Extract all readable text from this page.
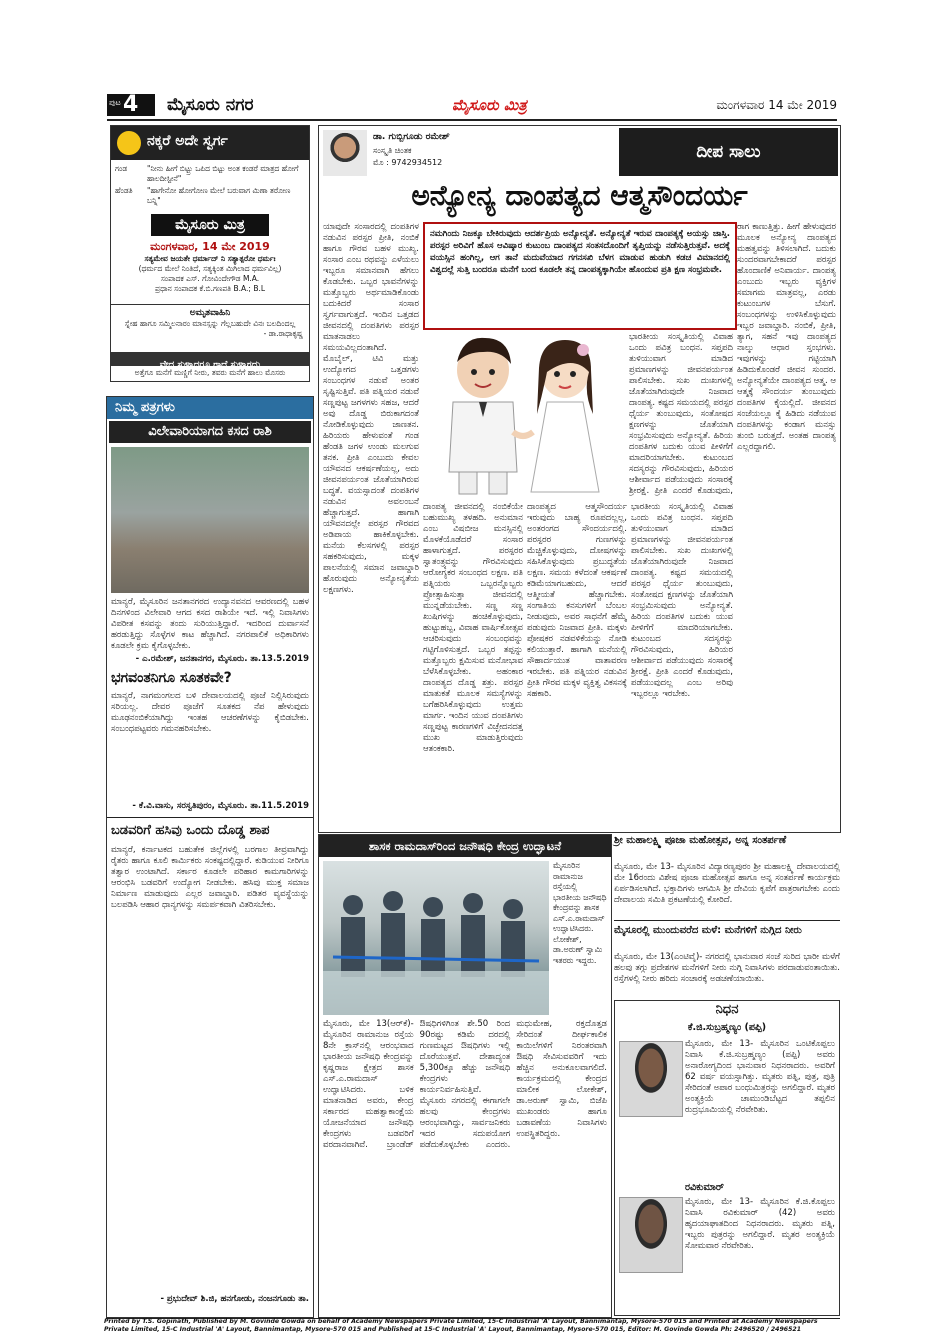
ಪುಟ 4 ಮೈಸೂರು ನಗರ	ಮೈಸೂರು ಮಿತ್ರ	ಮಂಗಳವಾರ 14 ಮೇ 2019
ನಕ್ಕರೆ ಅದೇ ಸ್ವರ್ಗ
ಗಂಡ	"ನೀನು ಹೀಗೆ ಬಿಟ್ಟ್ರು ಒಪಿದ ಬಿಟ್ಟು ಅಂತ ಕಂಡರೆ ಮಾತ್ರದ ಹೋಗೆ ಹಾಲದೀಸ್ಟೀನೆ"
ಹೆಂಡತಿ	"ಹಾಗೇನೋ ಹೋಗೋಣ ಮೇಲೆ ಬರುವಾಗ ಮಿಣಾ ತರೋಣ ಬನ್ನಿ"
ಮೈಸೂರು ಮಿತ್ರ
ಮಂಗಳವಾರ, 14 ಮೇ 2019
ಸತ್ಯಮೇವ ಜಯತೇ ಧರ್ಮಾದ್ ನಿ ಸತ್ಯಾತ್ಪರೋ ಧರ್ಮಃ
(ಧರ್ಮದ ಮೇಲೆ ನಿಂತಿದೆ, ಸತ್ಯಕ್ಕಿಂತ ಮಿಗಿಲಾದ ಧರ್ಮವಿಲ್ಲ)
ಸಂಪಾದಕ ಎಸ್. ಗೋವಿಂದೇಗೌಡ M.A.
ಪ್ರಧಾನ ಸಂಪಾದಕ ಕೆ.ಬಿ.ಗಣಪತಿ B.A.; B.L
ಅಮೃತವಾಹಿನಿ
ಸ್ನೇಹ ಹಾಗೂ ಸಮ್ಮಿಲನಾರಂ ಮಾನಸ್ಸನ್ನು ಗೆಲ್ಲಬಹುದೇ ವಿನಃ ಬಲದಿಂದಲ್ಲ
- ಡಾ.ರಾಧಾಕೃಷ್ಣ
ವೇದ ಸುಳ್ಳಾದರೂ ಗಾದೆ ಸುಳ್ಳಾಗದು
ಅತ್ತೆಗೂ ಮನೆಗೆ ಮಣ್ಣಿಗೆ ನೀರು, ತವರು ಮನೆಗೆ ಹಾಲು ಮೊಸರು
ನಿಮ್ಮ ಪತ್ರಗಳು
ವಿಲೇವಾರಿಯಾಗದ ಕಸದ ರಾಶಿ
ಮಾನ್ಯರೆ, ಮೈಸೂರಿನ ಜನತಾನಗರದ ಉದ್ಯಾನವನದ ಆವರಣದಲ್ಲಿ ಬಹಳ ದಿನಗಳಿಂದ ವಿಲೇವಾರಿ ಆಗದ ಕಸದ ರಾಶಿಯೇ ಇದೆ. ಇಲ್ಲಿ ನಿವಾಸಿಗಳು ವಿಪರೀತ ಕಸವನ್ನು ತಂದು ಸುರಿಯುತ್ತಿದ್ದಾರೆ. ಇದರಿಂದ ದುರ್ವಾಸನೆ ಹರಡುತ್ತಿದ್ದು ಸೊಳ್ಳೆಗಳ ಕಾಟ ಹೆಚ್ಚಾಗಿದೆ. ನಗರಪಾಲಿಕೆ ಅಧಿಕಾರಿಗಳು ಕೂಡಲೇ ಕ್ರಮ ಕೈಗೊಳ್ಳಬೇಕು.
- ಎ.ರಮೇಶ್, ಜನತಾನಗರ, ಮೈಸೂರು. ತಾ.13.5.2019
ಭಗವಂತನಿಗೂ ಸೂತಕವೇ?
ಮಾನ್ಯರೆ, ನಾಗಮಂಗಲದ ಬಳಿ ದೇವಾಲಯದಲ್ಲಿ ಪೂಜೆ ನಿಲ್ಲಿಸಿರುವುದು ಸರಿಯಲ್ಲ. ದೇವರ ಪೂಜೆಗೆ ಸೂತಕದ ನೆಪ ಹೇಳುವುದು ಮೂಢನಂಬಿಕೆಯಾಗಿದ್ದು ಇಂತಹ ಆಚರಣೆಗಳನ್ನು ಕೈಬಿಡಬೇಕು. ಸಂಬಂಧಪಟ್ಟವರು ಗಮನಹರಿಸಬೇಕು.
- ಕೆ.ವಿ.ವಾಸು, ಸರಸ್ವತಿಪುರಂ, ಮೈಸೂರು. ತಾ.11.5.2019
ಬಡವರಿಗೆ ಹಸಿವು ಒಂದು ದೊಡ್ಡ ಶಾಪ
ಮಾನ್ಯರೆ, ಕರ್ನಾಟಕದ ಬಹುತೇಕ ಜಿಲ್ಲೆಗಳಲ್ಲಿ ಬರಗಾಲ ತೀವ್ರವಾಗಿದ್ದು ರೈತರು ಹಾಗೂ ಕೂಲಿ ಕಾರ್ಮಿಕರು ಸಂಕಷ್ಟದಲ್ಲಿದ್ದಾರೆ. ಕುಡಿಯುವ ನೀರಿಗೂ ತತ್ವಾರ ಉಂಟಾಗಿದೆ. ಸರ್ಕಾರ ಕೂಡಲೇ ಪರಿಹಾರ ಕಾಮಗಾರಿಗಳನ್ನು ಆರಂಭಿಸಿ ಬಡವರಿಗೆ ಉದ್ಯೋಗ ನೀಡಬೇಕು. ಹಸಿವು ಮುಕ್ತ ಸಮಾಜ ನಿರ್ಮಾಣ ಮಾಡುವುದು ಎಲ್ಲರ ಜವಾಬ್ದಾರಿ. ಪಡಿತರ ವ್ಯವಸ್ಥೆಯನ್ನು ಬಲಪಡಿಸಿ ಆಹಾರ ಧಾನ್ಯಗಳನ್ನು ಸಮರ್ಪಕವಾಗಿ ವಿತರಿಸಬೇಕು.
- ಪ್ರಭುದೇವ್ ಶಿ.ಜಿ, ಹನಗೋಡು, ನಂಜನಗೂಡು ತಾ.
ಡಾ. ಗುಬ್ಬಿಗೂಡು ರಮೇಶ್
ಸಂಸ್ಕೃತಿ ಚಿಂತಕ
ಮೊ : 9742934512
ದೀಪ ಸಾಲು
ಅನ್ಯೋನ್ಯ ದಾಂಪತ್ಯದ ಆತ್ಮಸೌಂದರ್ಯ
ಯಾವುದೇ ಸಂಸಾರದಲ್ಲಿ ದಂಪತಿಗಳ ನಡುವಿನ ಪರಸ್ಪರ ಪ್ರೀತಿ, ನಂಬಿಕೆ ಹಾಗೂ ಗೌರವ ಬಹಳ ಮುಖ್ಯ. ಸಂಸಾರ ಎಂಬ ರಥವನ್ನು ಎಳೆಯಲು ಇಬ್ಬರೂ ಸಮಾನವಾಗಿ ಹೆಗಲು ಕೊಡಬೇಕು. ಒಬ್ಬರ ಭಾವನೆಗಳನ್ನು ಮತ್ತೊಬ್ಬರು ಅರ್ಥಮಾಡಿಕೊಂಡು ಬದುಕಿದರೆ ಸಂಸಾರ ಸ್ವರ್ಗವಾಗುತ್ತದೆ. ಇಂದಿನ ಒತ್ತಡದ ಜೀವನದಲ್ಲಿ ದಂಪತಿಗಳು ಪರಸ್ಪರ ಮಾತನಾಡಲು ಸಮಯವಿಲ್ಲದಂತಾಗಿದೆ. ಮೊಬೈಲ್, ಟಿವಿ ಮತ್ತು ಉದ್ಯೋಗದ ಒತ್ತಡಗಳು ಸಂಬಂಧಗಳ ನಡುವೆ ಅಂತರ ಸೃಷ್ಟಿಸುತ್ತಿವೆ. ಪತಿ ಪತ್ನಿಯರ ನಡುವೆ ಸಣ್ಣಪುಟ್ಟ ಜಗಳಗಳು ಸಹಜ, ಆದರೆ ಅವು ದೊಡ್ಡ ಬಿರುಕಾಗದಂತೆ ನೋಡಿಕೊಳ್ಳುವುದು ಜಾಣತನ. ಹಿರಿಯರು ಹೇಳುವಂತೆ ಗಂಡ ಹೆಂಡತಿ ಜಗಳ ಉಂಡು ಮಲಗುವ ತನಕ. ಪ್ರೀತಿ ಎಂಬುದು ಕೇವಲ ಯೌವನದ ಆಕರ್ಷಣೆಯಲ್ಲ, ಅದು ಜೀವನಪರ್ಯಂತ ಜೊತೆಯಾಗಿರುವ ಬದ್ಧತೆ. ವಯಸ್ಸಾದಂತೆ ದಂಪತಿಗಳ ನಡುವಿನ ಅವಲಂಬನೆ ಹೆಚ್ಚಾಗುತ್ತದೆ. ಹಾಗಾಗಿ ಯೌವನದಲ್ಲೇ ಪರಸ್ಪರ ಗೌರವದ ಅಡಿಪಾಯ ಹಾಕಿಕೊಳ್ಳಬೇಕು. ಮನೆಯ ಕೆಲಸಗಳಲ್ಲಿ ಪರಸ್ಪರ ಸಹಕರಿಸುವುದು, ಮಕ್ಕಳ ಪಾಲನೆಯಲ್ಲಿ ಸಮಾನ ಜವಾಬ್ದಾರಿ ಹೊರುವುದು ಅನ್ಯೋನ್ಯತೆಯ ಲಕ್ಷಣಗಳು.
ನಮಗಿಂದು ನಿಜಕ್ಕೂ ಬೇಕಿರುವುದು ಆದರ್ಶಪ್ರಿಯ ಅನ್ಯೋನ್ಯತೆ. ಅನ್ಯೋನ್ಯತೆ ಇರುವ ದಾಂಪತ್ಯಕ್ಕೆ ಅಯಸ್ಸು ಜಾಸ್ತಿ. ಪರಸ್ಪರ ಅರಿವಿಗೆ ಹೊಸ ಆವಿಷ್ಕಾರ ಕುಟುಂಬ ದಾಂಪತ್ಯದ ಸಂತಸದೊಂದಿಗೆ ತೃಪ್ತಿಯನ್ನು ನಡೆಸುತ್ತಿರುತ್ತವೆ. ಅದಕ್ಕೆ ವಯಸ್ಸಿನ ಹಂಗಿಲ್ಲ, ಆಗ ತಾನೆ ಮದುವೆಯಾದ ಗಗನಸಖಿ ಬೆಳಗ ಮಾಡುವ ಹುಡುಗಿ ಕಡಚ ವಿಮಾನದಲ್ಲಿ ವಿಶ್ವದಲ್ಲೆ ಸುತ್ತಿ ಬಂದರೂ ಮನೆಗೆ ಬಂದ ಕೂಡಲೇ ತನ್ನ ದಾಂಪತ್ಯಕ್ಕಾಗಿಯೇ ಹೊಂದುವ ಪ್ರತಿ ಕ್ಷಣ ಸಂಭ್ರಮವೇ.
ಭಾರತೀಯ ಸಂಸ್ಕೃತಿಯಲ್ಲಿ ವಿವಾಹ ಒಂದು ಪವಿತ್ರ ಬಂಧನ. ಸಪ್ತಪದಿ ತುಳಿಯುವಾಗ ಮಾಡಿದ ಪ್ರಮಾಣಗಳನ್ನು ಜೀವನಪರ್ಯಂತ ಪಾಲಿಸಬೇಕು. ಸುಖ ದುಃಖಗಳಲ್ಲಿ ಜೊತೆಯಾಗಿರುವುದೇ ನಿಜವಾದ ದಾಂಪತ್ಯ. ಕಷ್ಟದ ಸಮಯದಲ್ಲಿ ಪರಸ್ಪರ ಧೈರ್ಯ ತುಂಬುವುದು, ಸಂತೋಷದ ಕ್ಷಣಗಳನ್ನು ಜೊತೆಯಾಗಿ ಸಂಭ್ರಮಿಸುವುದು ಅನ್ಯೋನ್ಯತೆ. ಹಿರಿಯ ದಂಪತಿಗಳ ಬದುಕು ಯುವ ಪೀಳಿಗೆಗೆ ಮಾದರಿಯಾಗಬೇಕು. ಕುಟುಂಬದ ಸದಸ್ಯರನ್ನು ಗೌರವಿಸುವುದು, ಹಿರಿಯರ ಆಶೀರ್ವಾದ ಪಡೆಯುವುದು ಸಂಸಾರಕ್ಕೆ ಶ್ರೀರಕ್ಷೆ. ಪ್ರೀತಿ ಎಂದರೆ ಕೊಡುವುದು,
ದಾಂಪತ್ಯ ಜೀವನದಲ್ಲಿ ನಂಬಿಕೆಯೇ ಬಹುಮುಖ್ಯ ತಳಹದಿ. ಅನುಮಾನ ಎಂಬ ವಿಷಬೀಜ ಮನಸ್ಸಿನಲ್ಲಿ ಮೊಳಕೆಯೊಡೆದರೆ ಸಂಸಾರ ಹಾಳಾಗುತ್ತದೆ. ಪರಸ್ಪರರ ಸ್ವಾತಂತ್ರ್ಯವನ್ನು ಗೌರವಿಸುವುದು ಆರೋಗ್ಯಕರ ಸಂಬಂಧದ ಲಕ್ಷಣ. ಪತಿ ಪತ್ನಿಯರು ಒಬ್ಬರನ್ನೊಬ್ಬರು ಪ್ರೋತ್ಸಾಹಿಸುತ್ತಾ ಜೀವನದಲ್ಲಿ ಮುನ್ನಡೆಯಬೇಕು. ಸಣ್ಣ ಸಣ್ಣ ಖುಷಿಗಳನ್ನು ಹಂಚಿಕೊಳ್ಳುವುದು, ಹುಟ್ಟುಹಬ್ಬ, ವಿವಾಹ ವಾರ್ಷಿಕೋತ್ಸವ ಆಚರಿಸುವುದು ಸಂಬಂಧವನ್ನು ಗಟ್ಟಿಗೊಳಿಸುತ್ತದೆ. ಒಬ್ಬರ ತಪ್ಪನ್ನು ಮತ್ತೊಬ್ಬರು ಕ್ಷಮಿಸುವ ಮನೋಭಾವ ಬೆಳೆಸಿಕೊಳ್ಳಬೇಕು. ಅಹಂಕಾರ ದಾಂಪತ್ಯದ ದೊಡ್ಡ ಶತ್ರು. ಪರಸ್ಪರ ಮಾತುಕತೆ ಮೂಲಕ ಸಮಸ್ಯೆಗಳನ್ನು ಬಗೆಹರಿಸಿಕೊಳ್ಳುವುದು ಉತ್ತಮ ಮಾರ್ಗ. ಇಂದಿನ ಯುವ ದಂಪತಿಗಳು ಸಣ್ಣಪುಟ್ಟ ಕಾರಣಗಳಿಗೆ ವಿಚ್ಛೇದನದತ್ತ ಮುಖ ಮಾಡುತ್ತಿರುವುದು ಆತಂಕಕಾರಿ.
ದಾಂಪತ್ಯದ ಆತ್ಮಸೌಂದರ್ಯ ಇರುವುದು ಬಾಹ್ಯ ರೂಪದಲ್ಲಲ್ಲ, ಅಂತರಂಗದ ಸೌಂದರ್ಯದಲ್ಲಿ. ಪರಸ್ಪರರ ಗುಣಗಳನ್ನು ಮೆಚ್ಚಿಕೊಳ್ಳುವುದು, ದೋಷಗಳನ್ನು ಸಹಿಸಿಕೊಳ್ಳುವುದು ಪ್ರಬುದ್ಧತೆಯ ಲಕ್ಷಣ. ಸಮಯ ಕಳೆದಂತೆ ಆಕರ್ಷಣೆ ಕಡಿಮೆಯಾಗಬಹುದು, ಆದರೆ ಆತ್ಮೀಯತೆ ಹೆಚ್ಚಾಗಬೇಕು. ಸಂಗಾತಿಯ ಕನಸುಗಳಿಗೆ ಬೆಂಬಲ ನೀಡುವುದು, ಅವರ ಸಾಧನೆಗೆ ಹೆಮ್ಮೆ ಪಡುವುದು ನಿಜವಾದ ಪ್ರೀತಿ. ಮಕ್ಕಳು ಪೋಷಕರ ನಡವಳಿಕೆಯನ್ನು ನೋಡಿ ಕಲಿಯುತ್ತಾರೆ. ಹಾಗಾಗಿ ಮನೆಯಲ್ಲಿ ಸೌಹಾರ್ದಯುತ ವಾತಾವರಣ ಇರಬೇಕು. ಪತಿ ಪತ್ನಿಯರ ನಡುವಿನ ಪ್ರೀತಿ ಗೌರವ ಮಕ್ಕಳ ವ್ಯಕ್ತಿತ್ವ ವಿಕಸನಕ್ಕೆ ಸಹಕಾರಿ.
ಭಾರತೀಯ ಸಂಸ್ಕೃತಿಯಲ್ಲಿ ವಿವಾಹ ಒಂದು ಪವಿತ್ರ ಬಂಧನ. ಸಪ್ತಪದಿ ತುಳಿಯುವಾಗ ಮಾಡಿದ ಪ್ರಮಾಣಗಳನ್ನು ಜೀವನಪರ್ಯಂತ ಪಾಲಿಸಬೇಕು. ಸುಖ ದುಃಖಗಳಲ್ಲಿ ಜೊತೆಯಾಗಿರುವುದೇ ನಿಜವಾದ ದಾಂಪತ್ಯ. ಕಷ್ಟದ ಸಮಯದಲ್ಲಿ ಪರಸ್ಪರ ಧೈರ್ಯ ತುಂಬುವುದು, ಸಂತೋಷದ ಕ್ಷಣಗಳನ್ನು ಜೊತೆಯಾಗಿ ಸಂಭ್ರಮಿಸುವುದು ಅನ್ಯೋನ್ಯತೆ. ಹಿರಿಯ ದಂಪತಿಗಳ ಬದುಕು ಯುವ ಪೀಳಿಗೆಗೆ ಮಾದರಿಯಾಗಬೇಕು. ಕುಟುಂಬದ ಸದಸ್ಯರನ್ನು ಗೌರವಿಸುವುದು, ಹಿರಿಯರ ಆಶೀರ್ವಾದ ಪಡೆಯುವುದು ಸಂಸಾರಕ್ಕೆ ಶ್ರೀರಕ್ಷೆ. ಪ್ರೀತಿ ಎಂದರೆ ಕೊಡುವುದು, ಪಡೆಯುವುದಲ್ಲ ಎಂಬ ಅರಿವು ಇಬ್ಬರಲ್ಲೂ ಇರಬೇಕು.
ರಾಗ ಕಾಣುತ್ತಿತ್ತು. ಹೀಗೆ ಹೇಳುವುದರ ಮೂಲಕ ಅನ್ಯೋನ್ಯ ದಾಂಪತ್ಯದ ಮಹತ್ವವನ್ನು ತಿಳಿಸಲಾಗಿದೆ. ಬದುಕು ಸುಂದರವಾಗಬೇಕಾದರೆ ಪರಸ್ಪರ ಹೊಂದಾಣಿಕೆ ಅನಿವಾರ್ಯ. ದಾಂಪತ್ಯ ಎಂಬುದು ಇಬ್ಬರು ವ್ಯಕ್ತಿಗಳ ಸಮಾಗಮ ಮಾತ್ರವಲ್ಲ, ಎರಡು ಕುಟುಂಬಗಳ ಬೆಸುಗೆ. ಸಂಬಂಧಗಳನ್ನು ಉಳಿಸಿಕೊಳ್ಳುವುದು ಇಬ್ಬರ ಜವಾಬ್ದಾರಿ. ನಂಬಿಕೆ, ಪ್ರೀತಿ, ತ್ಯಾಗ, ಸಹನೆ ಇವು ದಾಂಪತ್ಯದ ನಾಲ್ಕು ಆಧಾರ ಸ್ತಂಭಗಳು. ಇವುಗಳನ್ನು ಗಟ್ಟಿಯಾಗಿ ಹಿಡಿದುಕೊಂಡರೆ ಜೀವನ ಸುಂದರ. ಅನ್ಯೋನ್ಯತೆಯೇ ದಾಂಪತ್ಯದ ಆತ್ಮ. ಆ ಆತ್ಮಕ್ಕೆ ಸೌಂದರ್ಯ ತುಂಬುವುದು ದಂಪತಿಗಳ ಕೈಯಲ್ಲಿದೆ. ಜೀವನದ ಸಂಜೆಯಲ್ಲೂ ಕೈ ಹಿಡಿದು ನಡೆಯುವ ದಂಪತಿಗಳನ್ನು ಕಂಡಾಗ ಮನಸ್ಸು ತುಂಬಿ ಬರುತ್ತದೆ. ಅಂತಹ ದಾಂಪತ್ಯ ಎಲ್ಲರದ್ದಾಗಲಿ.
ಶಾಸಕ ರಾಮದಾಸ್‍ರಿಂದ ಜನೌಷಧಿ ಕೇಂದ್ರ ಉದ್ಘಾಟನೆ
ಮೈಸೂರಿನ ರಾಮಾನುಜ ರಸ್ತೆಯಲ್ಲಿ ಭಾರತೀಯ ಜನೌಷಧಿ ಕೇಂದ್ರವನ್ನು ಶಾಸಕ ಎಸ್.ಎ.ರಾಮದಾಸ್ ಉದ್ಘಾಟಿಸಿದರು. ಲೋಕೇಶ್, ಡಾ.ಅರುಣ್ ಸ್ವಾಮಿ ಇತರರು ಇದ್ದರು.
ಮೈಸೂರು, ಮೇ 13(ಆರ್‌ಕೆ)- ಮೈಸೂರಿನ ರಾಮಾನುಜ ರಸ್ತೆಯ 8ನೇ ಕ್ರಾಸ್‌ನಲ್ಲಿ ಆರಂಭವಾದ ಭಾರತೀಯ ಜನೌಷಧಿ ಕೇಂದ್ರವನ್ನು ಕೃಷ್ಣರಾಜ ಕ್ಷೇತ್ರದ ಶಾಸಕ ಎಸ್.ಎ.ರಾಮದಾಸ್ ಉದ್ಘಾಟಿಸಿದರು. ಬಳಿಕ ಮಾತನಾಡಿದ ಅವರು, ಕೇಂದ್ರ ಸರ್ಕಾರದ ಮಹತ್ವಾಕಾಂಕ್ಷೆಯ ಯೋಜನೆಯಾದ ಜನೌಷಧಿ ಕೇಂದ್ರಗಳು ಬಡವರಿಗೆ ವರದಾನವಾಗಿವೆ. ಬ್ರಾಂಡೆಡ್ ಔಷಧಿಗಳಿಗಿಂತ ಶೇ.50 ರಿಂದ 90ರಷ್ಟು ಕಡಿಮೆ ದರದಲ್ಲಿ ಗುಣಮಟ್ಟದ ಔಷಧಿಗಳು ಇಲ್ಲಿ ದೊರೆಯುತ್ತವೆ. ದೇಶಾದ್ಯಂತ 5,300ಕ್ಕೂ ಹೆಚ್ಚು ಜನೌಷಧಿ ಕೇಂದ್ರಗಳು ಕಾರ್ಯನಿರ್ವಹಿಸುತ್ತಿವೆ. ಮೈಸೂರು ನಗರದಲ್ಲಿ ಈಗಾಗಲೇ ಹಲವು ಕೇಂದ್ರಗಳು ಆರಂಭವಾಗಿದ್ದು, ಸಾರ್ವಜನಿಕರು ಇದರ ಸದುಪಯೋಗ ಪಡೆದುಕೊಳ್ಳಬೇಕು ಎಂದರು. ಮಧುಮೇಹ, ರಕ್ತದೊತ್ತಡ ಸೇರಿದಂತೆ ದೀರ್ಘಕಾಲಿಕ ಕಾಯಿಲೆಗಳಿಗೆ ನಿರಂತರವಾಗಿ ಔಷಧಿ ಸೇವಿಸುವವರಿಗೆ ಇದು ಹೆಚ್ಚಿನ ಅನುಕೂಲವಾಗಲಿದೆ. ಕಾರ್ಯಕ್ರಮದಲ್ಲಿ ಕೇಂದ್ರದ ಮಾಲೀಕ ಲೋಕೇಶ್, ಡಾ.ಅರುಣ್ ಸ್ವಾಮಿ, ಬಿಜೆಪಿ ಮುಖಂಡರು ಹಾಗೂ ಬಡಾವಣೆಯ ನಿವಾಸಿಗಳು ಉಪಸ್ಥಿತರಿದ್ದರು.
ಶ್ರೀ ಮಹಾಲಕ್ಷ್ಮಿ ಪೂಜಾ ಮಹೋತ್ಸವ, ಅನ್ನ ಸಂತರ್ಪಣೆ
ಮೈಸೂರು, ಮೇ 13- ಮೈಸೂರಿನ ವಿದ್ಯಾರಣ್ಯಪುರಂ ಶ್ರೀ ಮಹಾಲಕ್ಷ್ಮಿ ದೇವಾಲಯದಲ್ಲಿ ಮೇ 16ರಂದು ವಿಶೇಷ ಪೂಜಾ ಮಹೋತ್ಸವ ಹಾಗೂ ಅನ್ನ ಸಂತರ್ಪಣೆ ಕಾರ್ಯಕ್ರಮ ಏರ್ಪಡಿಸಲಾಗಿದೆ. ಭಕ್ತಾದಿಗಳು ಆಗಮಿಸಿ ಶ್ರೀ ದೇವಿಯ ಕೃಪೆಗೆ ಪಾತ್ರರಾಗಬೇಕು ಎಂದು ದೇವಾಲಯ ಸಮಿತಿ ಪ್ರಕಟಣೆಯಲ್ಲಿ ಕೋರಿದೆ.
ಮೈಸೂರಲ್ಲಿ ಮುಂದುವರೆದ ಮಳೆ: ಮನೆಗಳಿಗೆ ನುಗ್ಗಿದ ನೀರು
ಮೈಸೂರು, ಮೇ 13(ಎಂಟಿವೈ)- ನಗರದಲ್ಲಿ ಭಾನುವಾರ ಸಂಜೆ ಸುರಿದ ಭಾರೀ ಮಳೆಗೆ ಹಲವು ತಗ್ಗು ಪ್ರದೇಶಗಳ ಮನೆಗಳಿಗೆ ನೀರು ನುಗ್ಗಿ ನಿವಾಸಿಗಳು ಪರದಾಡುವಂತಾಯಿತು. ರಸ್ತೆಗಳಲ್ಲಿ ನೀರು ಹರಿದು ಸಂಚಾರಕ್ಕೆ ಅಡಚಣೆಯಾಯಿತು.
ನಿಧನ
ಕೆ.ಜಿ.ಸುಬ್ರಹ್ಮಣ್ಯಂ (ಪಪ್ಪಿ)
ಮೈಸೂರು, ಮೇ 13- ಮೈಸೂರಿನ ಒಂಟಿಕೊಪ್ಪಲು ನಿವಾಸಿ ಕೆ.ಜಿ.ಸುಬ್ರಹ್ಮಣ್ಯಂ (ಪಪ್ಪಿ) ಅವರು ಅನಾರೋಗ್ಯದಿಂದ ಭಾನುವಾರ ನಿಧನರಾದರು. ಅವರಿಗೆ 62 ವರ್ಷ ವಯಸ್ಸಾಗಿತ್ತು. ಮೃತರು ಪತ್ನಿ, ಪುತ್ರ, ಪುತ್ರಿ ಸೇರಿದಂತೆ ಅಪಾರ ಬಂಧುಮಿತ್ರರನ್ನು ಅಗಲಿದ್ದಾರೆ. ಮೃತರ ಅಂತ್ಯಕ್ರಿಯೆ ಚಾಮುಂಡಿಬೆಟ್ಟದ ತಪ್ಪಲಿನ ರುದ್ರಭೂಮಿಯಲ್ಲಿ ನೆರವೇರಿತು.
ರವಿಕುಮಾರ್
ಮೈಸೂರು, ಮೇ 13- ಮೈಸೂರಿನ ಕೆ.ಜಿ.ಕೊಪ್ಪಲು ನಿವಾಸಿ ರವಿಕುಮಾರ್ (42) ಅವರು ಹೃದಯಾಘಾತದಿಂದ ನಿಧನರಾದರು. ಮೃತರು ಪತ್ನಿ, ಇಬ್ಬರು ಪುತ್ರರನ್ನು ಅಗಲಿದ್ದಾರೆ. ಮೃತರ ಅಂತ್ಯಕ್ರಿಯೆ ಸೋಮವಾರ ನೆರವೇರಿತು.
Printed by T.S. Gopinath, Published by M. Govinde Gowda on behalf of Academy Newspapers Private Limited, 15-C Industrial 'A' Layout, Bannimantap, Mysore-570 015 and Printed at Academy Newspapers
Private Limited, 15-C Industrial 'A' Layout, Bannimantap, Mysore-570 015 and Published at 15-C Industrial 'A' Layout, Bannimantap, Mysore-570 015, Editor: M. Govinde Gowda Ph: 2496520 / 2496521
